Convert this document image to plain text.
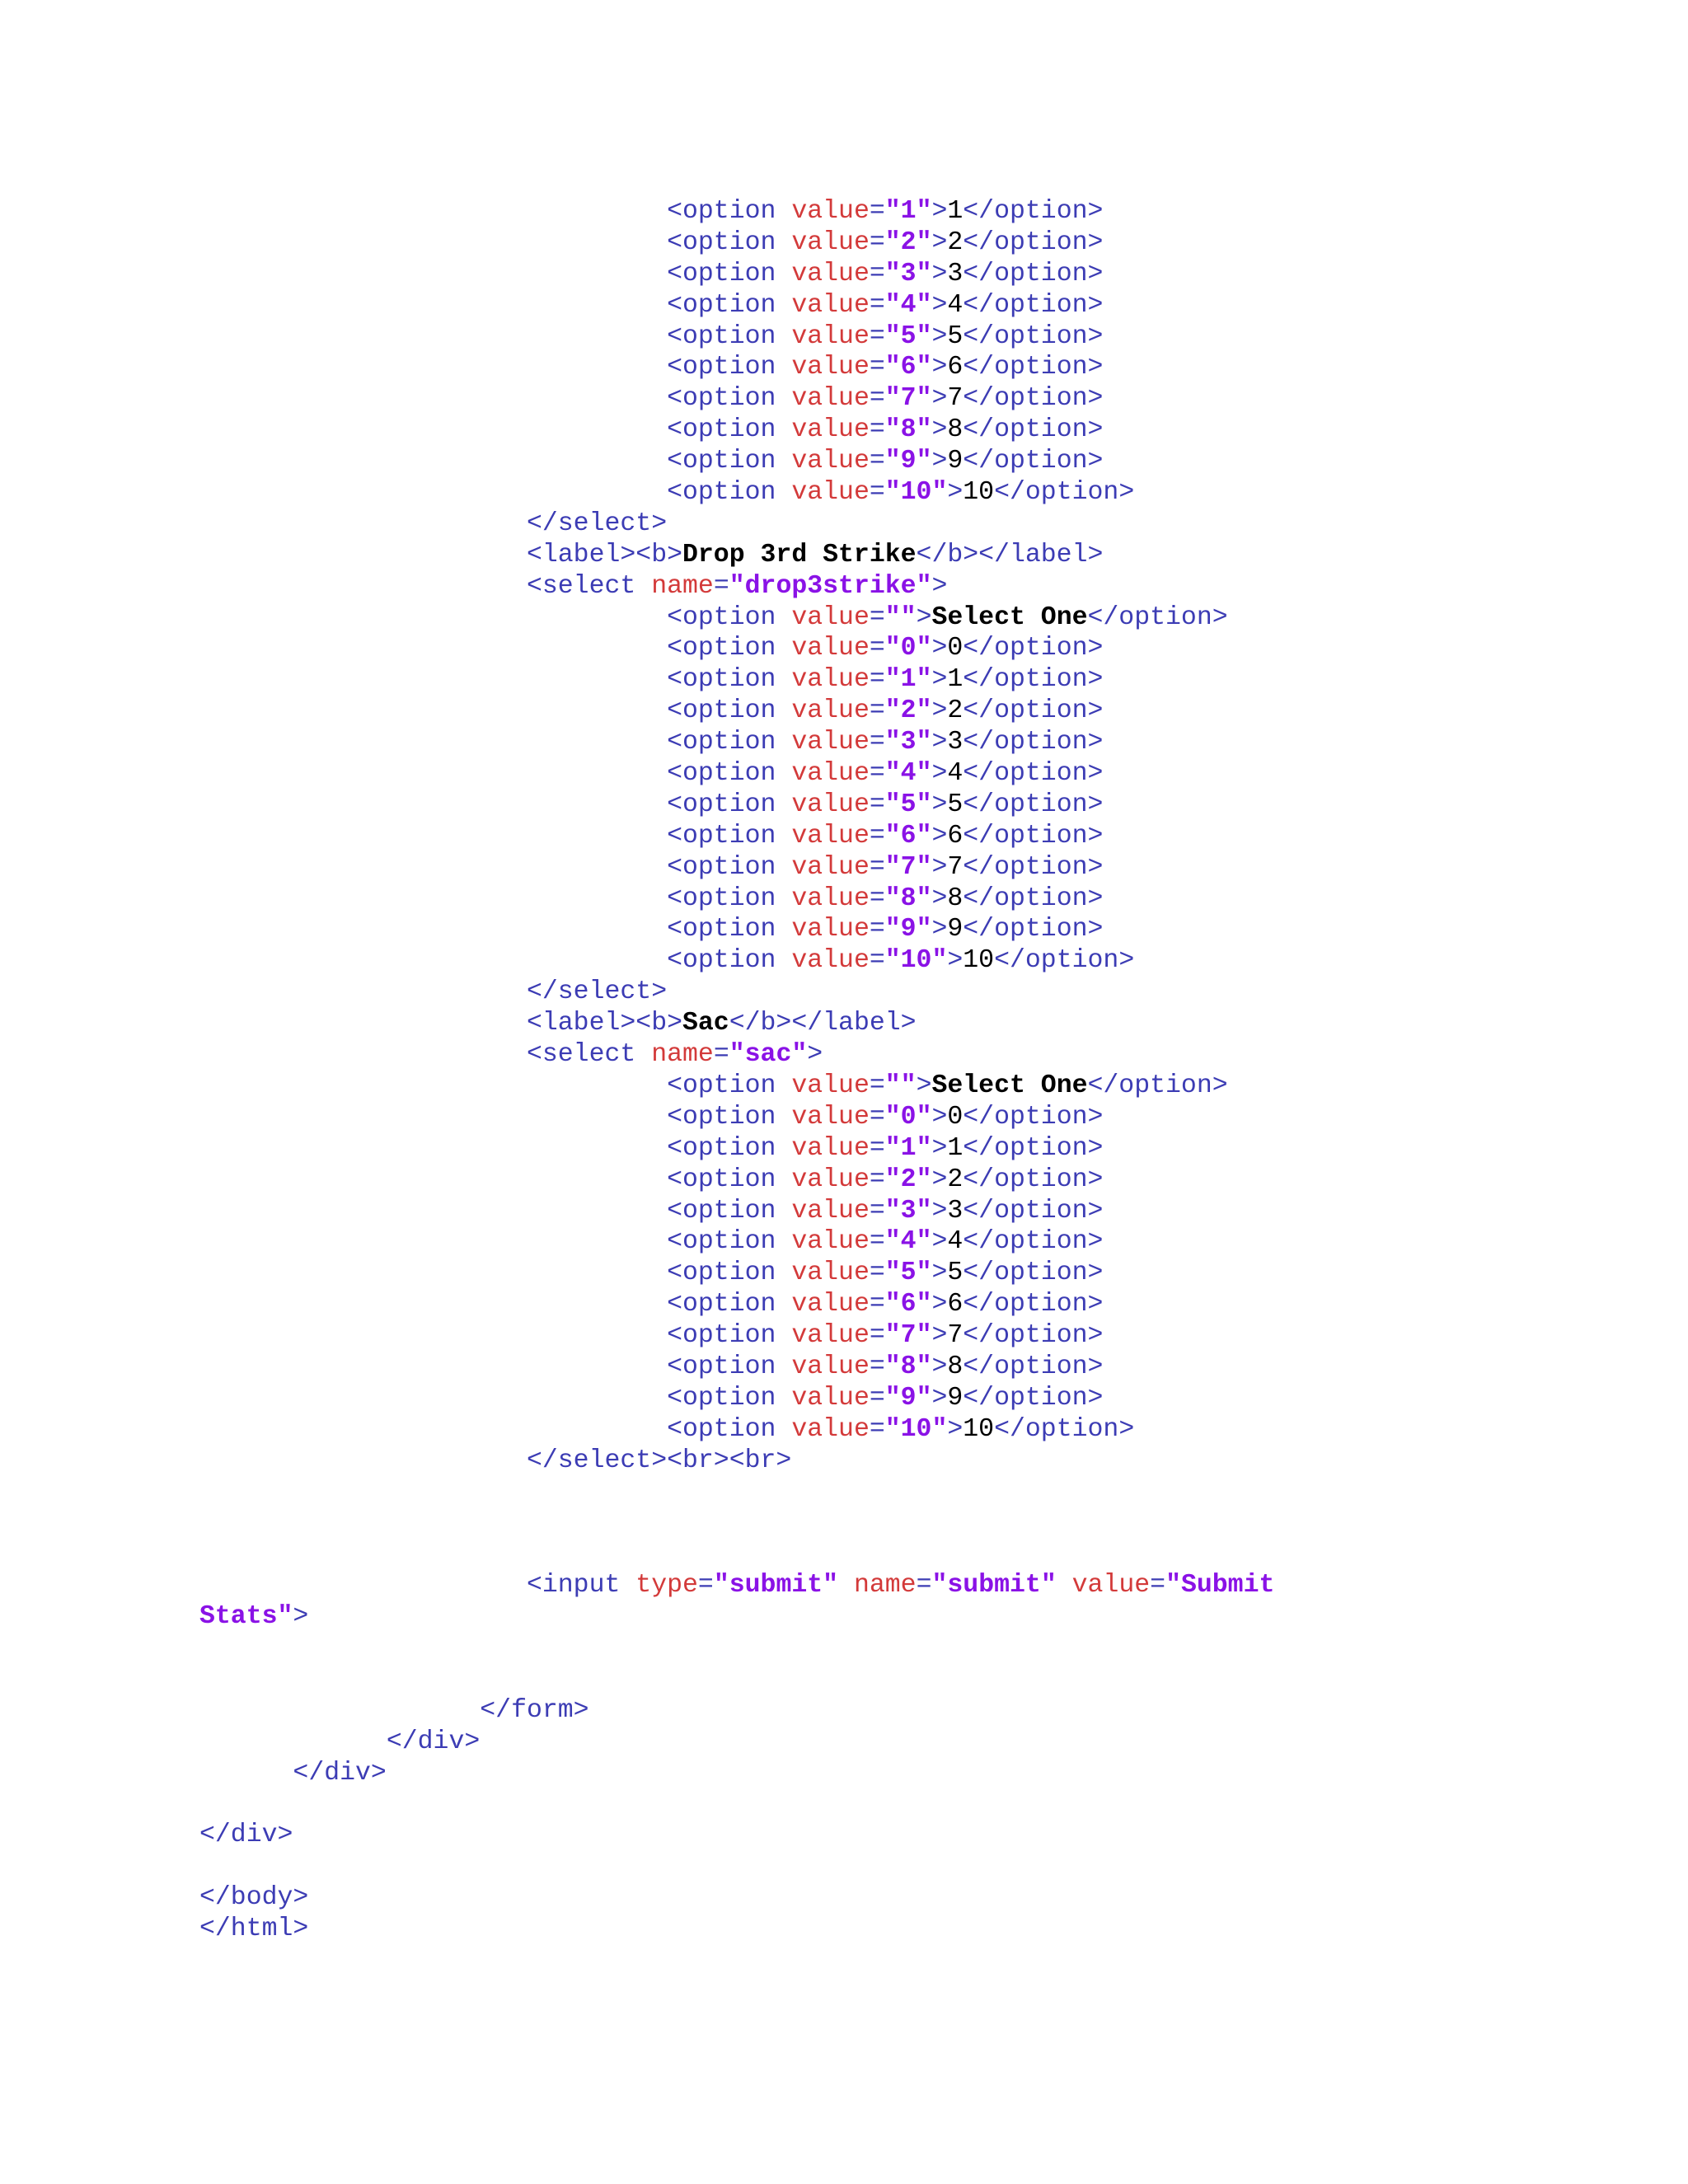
<option value="1">1</option>
<option value="2">2</option>
<option value="3">3</option>
<option value="4">4</option>
<option value="5">5</option>
<option value="6">6</option>
<option value="7">7</option>
<option value="8">8</option>
<option value="9">9</option>
<option value="10">10</option>
</select>
<label><b>Drop 3rd Strike</b></label>
<select name="drop3strike">
<option value="">Select One</option>
<option value="0">0</option>
<option value="1">1</option>
<option value="2">2</option>
<option value="3">3</option>
<option value="4">4</option>
<option value="5">5</option>
<option value="6">6</option>
<option value="7">7</option>
<option value="8">8</option>
<option value="9">9</option>
<option value="10">10</option>
</select>
<label><b>Sac</b></label>
<select name="sac">
<option value="">Select One</option>
<option value="0">0</option>
<option value="1">1</option>
<option value="2">2</option>
<option value="3">3</option>
<option value="4">4</option>
<option value="5">5</option>
<option value="6">6</option>
<option value="7">7</option>
<option value="8">8</option>
<option value="9">9</option>
<option value="10">10</option>
</select><br><br>
<input type="submit" name="submit" value="Submit
Stats">
</form>
</div>
</div>
</div>
</body>
</html>
